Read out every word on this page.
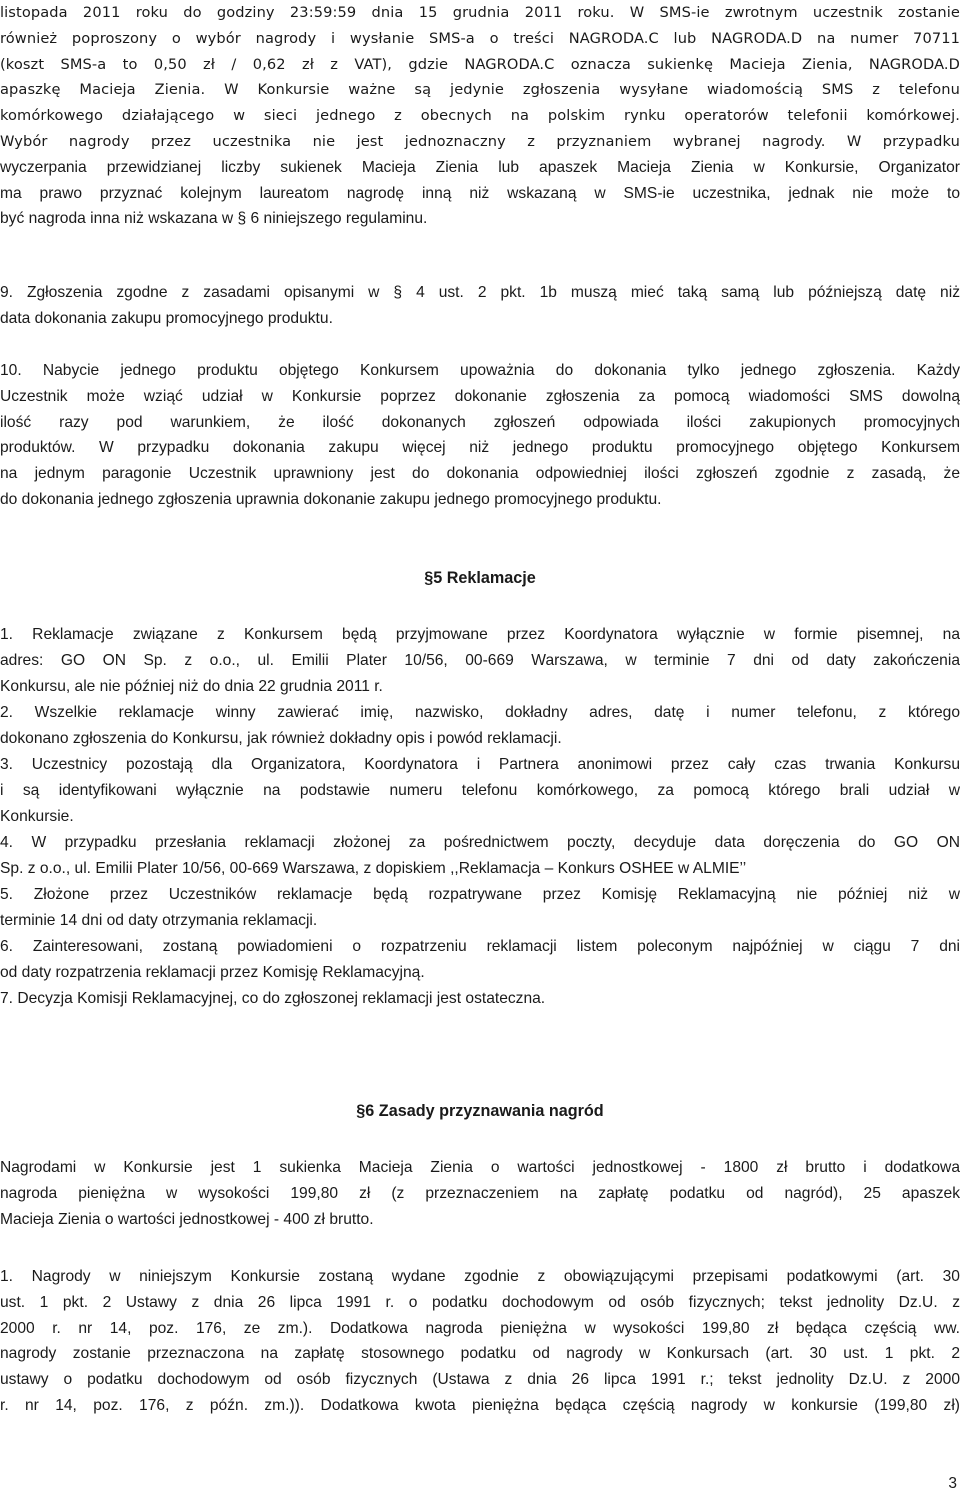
listopada 2011 roku do godziny 23:59:59 dnia 15 grudnia 2011 roku. W SMS-ie zwrotnym uczestnik zostanie
również poproszony o wybór nagrody i wysłanie SMS-a o treści NAGRODA.C lub NAGRODA.D na numer 70711
(koszt SMS-a to 0,50 zł / 0,62 zł z VAT), gdzie NAGRODA.C oznacza sukienkę Macieja Zienia, NAGRODA.D
apaszkę Macieja Zienia. W Konkursie ważne są jedynie zgłoszenia wysyłane wiadomością SMS z telefonu
komórkowego działającego w sieci jednego z obecnych na polskim rynku operatorów telefonii komórkowej.
Wybór nagrody przez uczestnika nie jest jednoznaczny z przyznaniem wybranej nagrody. W przypadku
wyczerpania przewidzianej liczby sukienek Macieja Zienia lub apaszek Macieja Zienia w Konkursie, Organizator
ma prawo przyznać kolejnym laureatom nagrodę inną niż wskazaną w SMS-ie uczestnika, jednak nie może to
być nagroda inna niż wskazana w § 6 niniejszego regulaminu.
9. Zgłoszenia zgodne z zasadami opisanymi w § 4 ust. 2 pkt. 1b muszą mieć taką samą lub późniejszą datę niż
data dokonania zakupu promocyjnego produktu.
10. Nabycie jednego produktu objętego Konkursem upoważnia do dokonania tylko jednego zgłoszenia. Każdy
Uczestnik może wziąć udział w Konkursie poprzez dokonanie zgłoszenia za pomocą wiadomości SMS dowolną
ilość razy pod warunkiem, że ilość dokonanych zgłoszeń odpowiada ilości zakupionych promocyjnych
produktów. W przypadku dokonania zakupu więcej niż jednego produktu promocyjnego objętego Konkursem
na jednym paragonie Uczestnik uprawniony jest do dokonania odpowiedniej ilości zgłoszeń zgodnie z zasadą, że
do dokonania jednego zgłoszenia uprawnia dokonanie zakupu jednego promocyjnego produktu.
§5 Reklamacje
1. Reklamacje związane z Konkursem będą przyjmowane przez Koordynatora wyłącznie w formie pisemnej, na
adres: GO ON Sp. z o.o., ul. Emilii Plater 10/56, 00-669 Warszawa, w terminie 7 dni od daty zakończenia
Konkursu, ale nie później niż do dnia 22 grudnia 2011 r.
2. Wszelkie reklamacje winny zawierać imię, nazwisko, dokładny adres, datę i numer telefonu, z którego
dokonano zgłoszenia do Konkursu, jak również dokładny opis i powód reklamacji.
3. Uczestnicy pozostają dla Organizatora, Koordynatora i Partnera anonimowi przez cały czas trwania Konkursu
i są identyfikowani wyłącznie na podstawie numeru telefonu komórkowego, za pomocą którego brali udział w
Konkursie.
4. W przypadku przesłania reklamacji złożonej za pośrednictwem poczty, decyduje data doręczenia do GO ON
Sp. z o.o., ul. Emilii Plater 10/56, 00-669 Warszawa, z dopiskiem ,,Reklamacja – Konkurs OSHEE w ALMIE’’
5. Złożone przez Uczestników reklamacje będą rozpatrywane przez Komisję Reklamacyjną nie później niż w
terminie 14 dni od daty otrzymania reklamacji.
6. Zainteresowani, zostaną powiadomieni o rozpatrzeniu reklamacji listem poleconym najpóźniej w ciągu 7 dni
od daty rozpatrzenia reklamacji przez Komisję Reklamacyjną.
7. Decyzja Komisji Reklamacyjnej, co do zgłoszonej reklamacji jest ostateczna.
§6 Zasady przyznawania nagród
Nagrodami w Konkursie jest 1 sukienka Macieja Zienia o wartości jednostkowej - 1800 zł brutto i dodatkowa
nagroda pieniężna w wysokości 199,80 zł (z przeznaczeniem na zapłatę podatku od nagród), 25 apaszek
Macieja Zienia o wartości jednostkowej - 400 zł brutto.
1. Nagrody w niniejszym Konkursie zostaną wydane zgodnie z obowiązującymi przepisami podatkowymi (art. 30
ust. 1 pkt. 2 Ustawy z dnia 26 lipca 1991 r. o podatku dochodowym od osób fizycznych; tekst jednolity Dz.U. z
2000 r. nr 14, poz. 176, ze zm.). Dodatkowa nagroda pieniężna w wysokości 199,80 zł będąca częścią ww.
nagrody zostanie przeznaczona na zapłatę stosownego podatku od nagrody w Konkursach (art. 30 ust. 1 pkt. 2
ustawy o podatku dochodowym od osób fizycznych (Ustawa z dnia 26 lipca 1991 r.; tekst jednolity Dz.U. z 2000
r. nr 14, poz. 176, z późn. zm.)). Dodatkowa kwota pieniężna będąca częścią nagrody w konkursie (199,80 zł)
3
